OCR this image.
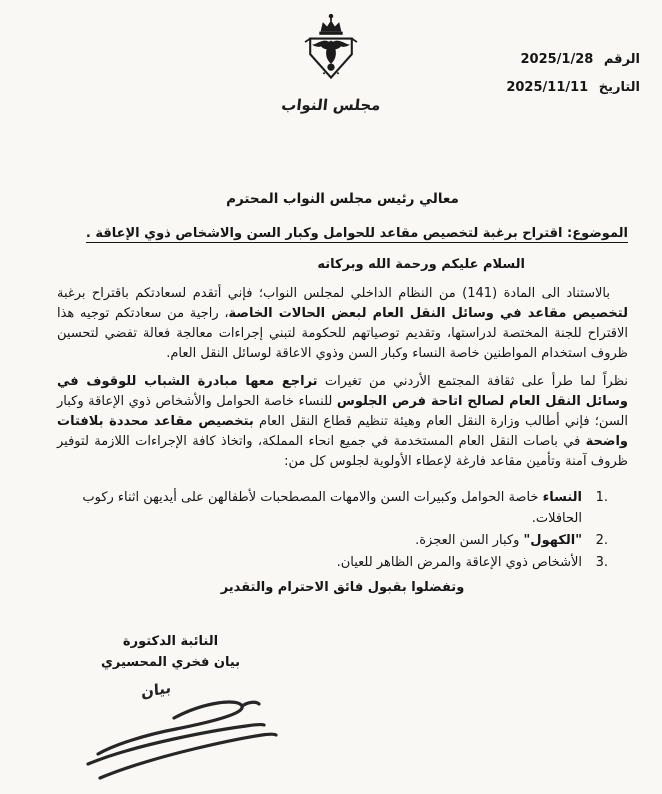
مجلس النواب
الرقم 2025/1/28
التاريخ 2025/11/11
معالي رئيس مجلس النواب المحترم
الموضوع: اقتراح برغبة لتخصيص مقاعد للحوامل وكبار السن والاشخاص ذوي الإعاقة .
السلام عليكم ورحمة الله وبركاته
بالاستناد الى المادة (141) من النظام الداخلي لمجلس النواب؛ فإني أتقدم لسعادتكم باقتراح برغبة لتخصيص مقاعد في وسائل النقل العام لبعض الحالات الخاصة، راجية من سعادتكم توجيه هذا الاقتراح للجنة المختصة لدراستها، وتقديم توصياتهم للحكومة لتبني إجراءات معالجة فعالة تفضي لتحسين ظروف استخدام المواطنين خاصة النساء وكبار السن وذوي الاعاقة لوسائل النقل العام.
نظراً لما طرأ على ثقافة المجتمع الأردني من تغيرات تراجع معها مبادرة الشباب للوقوف في وسائل النقل العام لصالح اتاحة فرص الجلوس للنساء خاصة الحوامل والأشخاص ذوي الإعاقة وكبار السن؛ فإني أطالب وزارة النقل العام وهيئة تنظيم قطاع النقل العام بتخصيص مقاعد محددة بلافتات واضحة في باصات النقل العام المستخدمة في جميع انحاء المملكة، واتخاذ كافة الإجراءات اللازمة لتوفير ظروف آمنة وتأمين مقاعد فارغة لإعطاء الأولوية لجلوس كل من:
1.
النساء خاصة الحوامل وكبيرات السن والامهات المصطحبات لأطفالهن على أيديهن اثناء ركوب الحافلات.
2.
"الكهول" وكبار السن العجزة.
3.
الأشخاص ذوي الإعاقة والمرض الظاهر للعيان.
وتفضلوا بقبول فائق الاحترام والتقدير
النائبة الدكتورة
بيان فخري المحسيري
بيان
